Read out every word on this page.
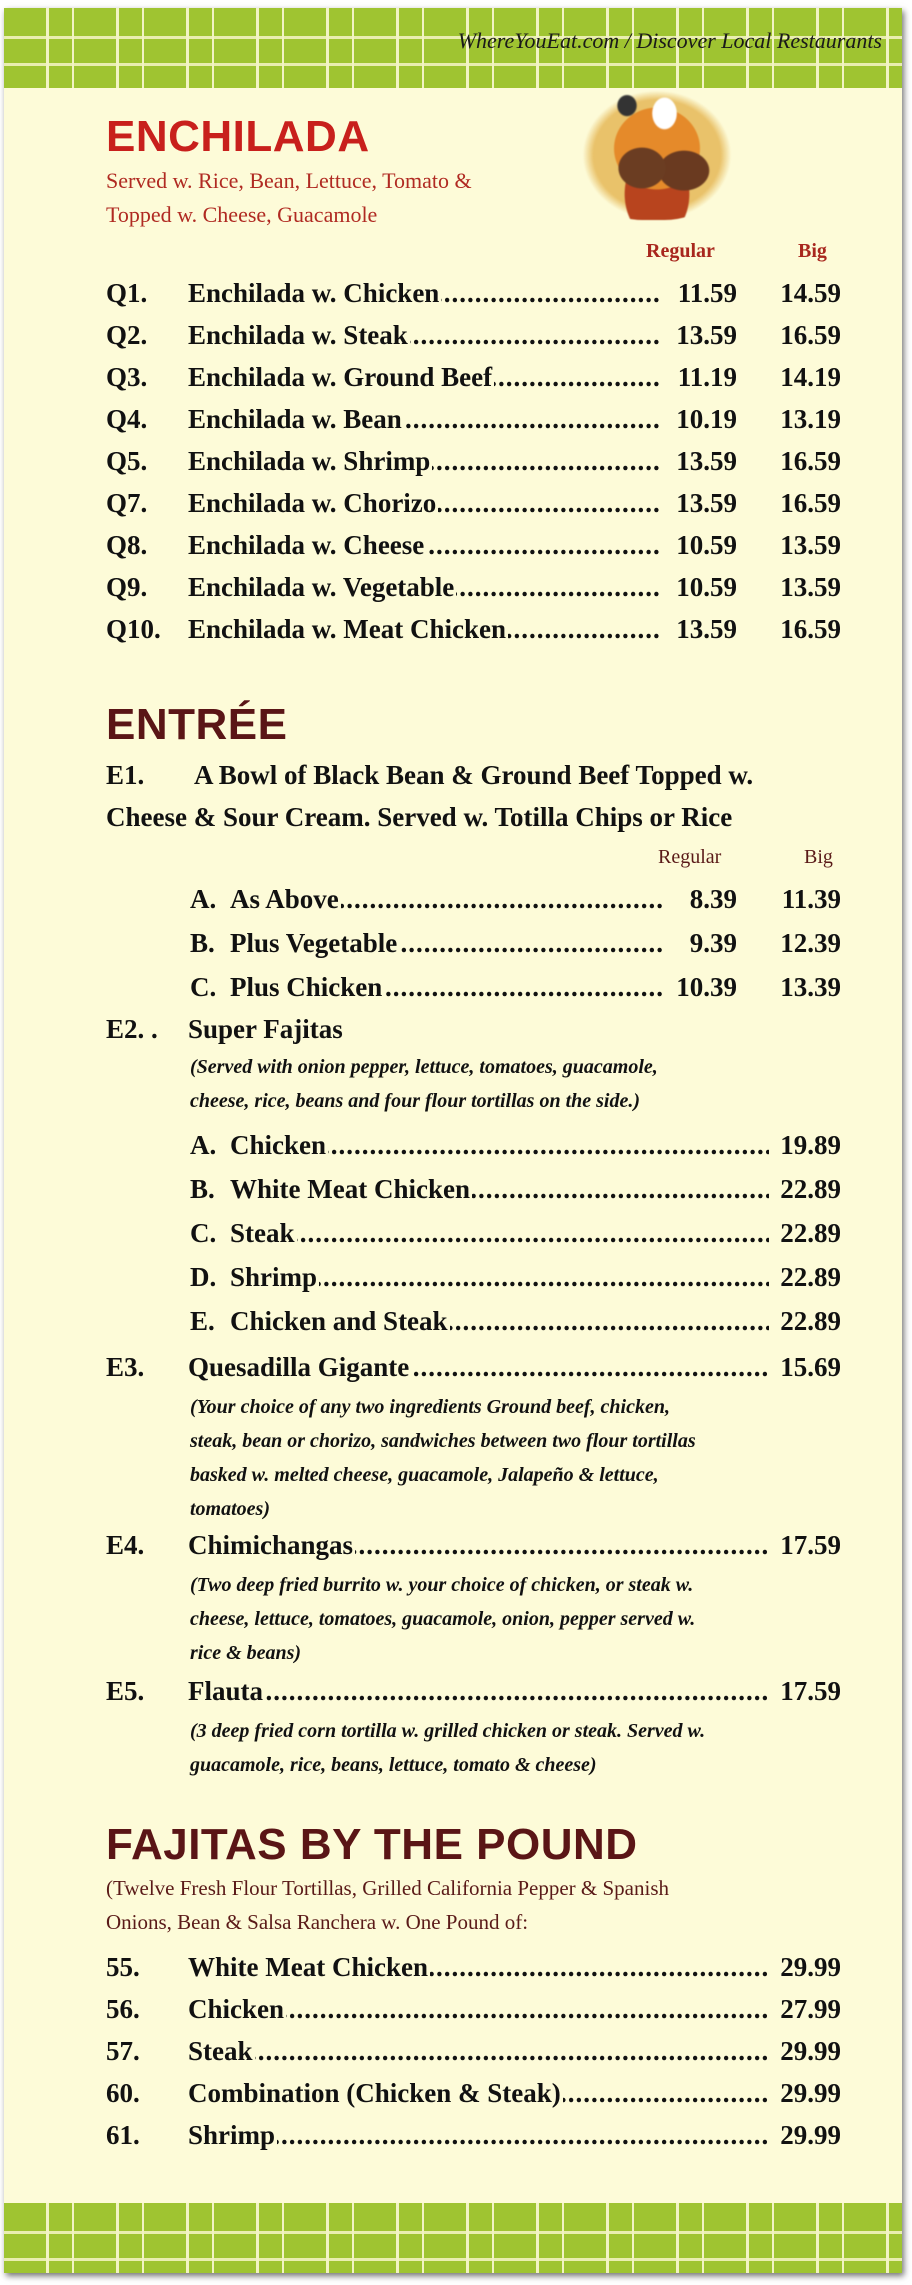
WhereYouEat.com / Discover Local Restaurants
ENCHILADA
Served w. Rice, Bean, Lettuce, Tomato &
Topped w. Cheese, Guacamole
Regular	Big
Q1.	Enchilada w. Chicken .....	11.59	14.59
Q2.	Enchilada w. Steak .....	13.59	16.59
Q3.	Enchilada w. Ground Beef .....	11.19	14.19
Q4.	Enchilada w. Bean .....	10.19	13.19
Q5.	Enchilada w. Shrimp .....	13.59	16.59
Q7.	Enchilada w. Chorizo .....	13.59	16.59
Q8.	Enchilada w. Cheese .....	10.59	13.59
Q9.	Enchilada w. Vegetable .....	10.59	13.59
Q10.	Enchilada w. Meat Chicken .....	13.59	16.59
ENTRÉE
E1.	A Bowl of Black Bean & Ground Beef Topped w.
Cheese & Sour Cream. Served w. Totilla Chips or Rice
Regular	Big
A. As Above .....	8.39	11.39
B. Plus Vegetable .....	9.39	12.39
C. Plus Chicken .....	10.39	13.39
E2. .	Super Fajitas
(Served with onion pepper, lettuce, tomatoes, guacamole,
cheese, rice, beans and four flour tortillas on the side.)
A. Chicken .....	19.89
B. White Meat Chicken .....	22.89
C. Steak .....	22.89
D. Shrimp .....	22.89
E. Chicken and Steak .....	22.89
E3.	Quesadilla Gigante .....	15.69
(Your choice of any two ingredients Ground beef, chicken,
steak, bean or chorizo, sandwiches between two flour tortillas
basked w. melted cheese, guacamole, Jalapeño & lettuce,
tomatoes)
E4.	Chimichangas .....	17.59
(Two deep fried burrito w. your choice of chicken, or steak w.
cheese, lettuce, tomatoes, guacamole, onion, pepper served w.
rice & beans)
E5.	Flauta .....	17.59
(3 deep fried corn tortilla w. grilled chicken or steak. Served w.
guacamole, rice, beans, lettuce, tomato & cheese)
FAJITAS BY THE POUND
(Twelve Fresh Flour Tortillas, Grilled California Pepper & Spanish
Onions, Bean & Salsa Ranchera w. One Pound of:
55.	White Meat Chicken .....	29.99
56.	Chicken .....	27.99
57.	Steak .....	29.99
60.	Combination (Chicken & Steak) .....	29.99
61.	Shrimp .....	29.99
